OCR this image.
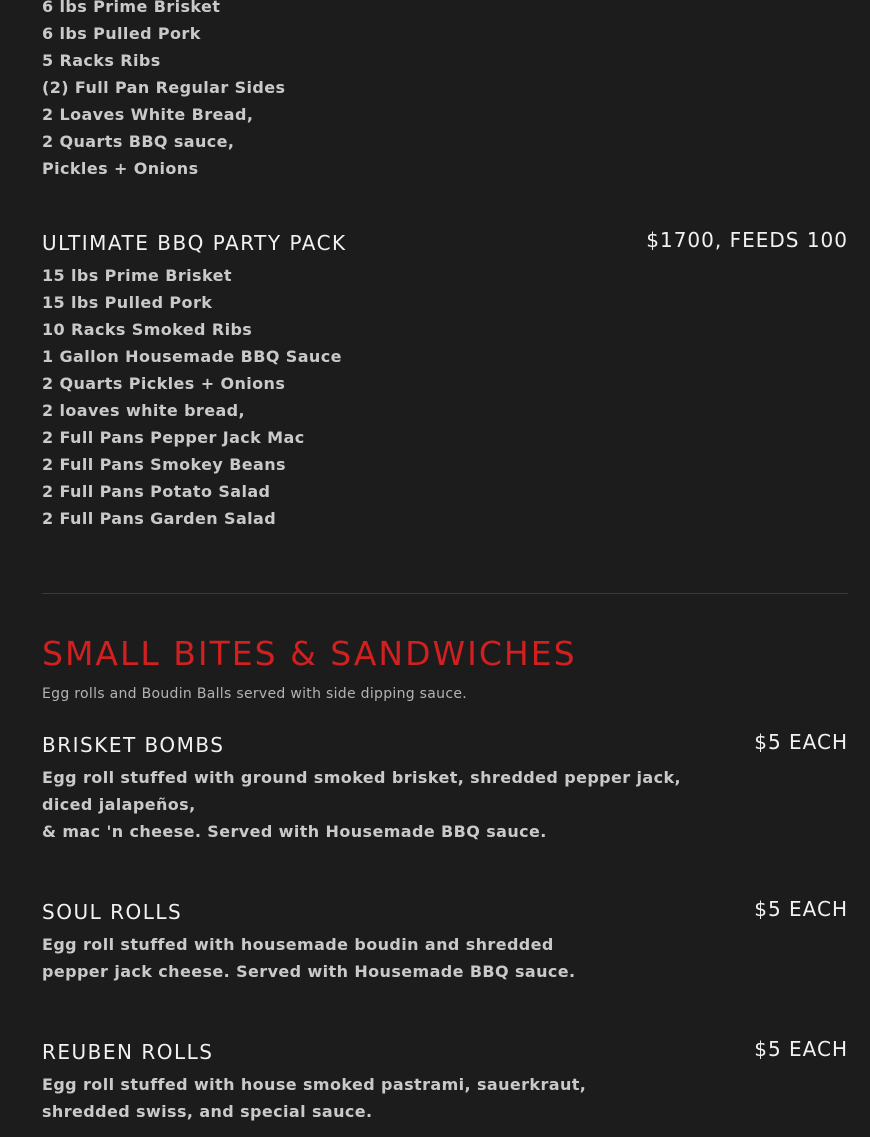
6 lbs Prime Brisket
6 lbs Pulled Pork
5 Racks Ribs
(2) Full Pan Regular Sides
2 Loaves White Bread,
2 Quarts BBQ sauce,
Pickles + Onions
$1700, FEEDS 100
ULTIMATE BBQ PARTY PACK
15 lbs Prime Brisket
15 lbs Pulled Pork
10 Racks Smoked Ribs
1 Gallon Housemade BBQ Sauce
2 Quarts Pickles + Onions
2 loaves white bread,
2 Full Pans Pepper Jack Mac
2 Full Pans Smokey Beans
2 Full Pans Potato Salad
2 Full Pans Garden Salad
SMALL BITES & SANDWICHES
Egg rolls and Boudin Balls served with side dipping sauce.
$5 EACH
BRISKET BOMBS
Egg roll stuffed with ground smoked brisket, shredded pepper jack,
diced jalapeños,
& mac 'n cheese. Served with Housemade BBQ sauce.
$5 EACH
SOUL ROLLS
Egg roll stuffed with housemade boudin and shredded pepper jack cheese. Served with Housemade BBQ sauce.
$5 EACH
REUBEN ROLLS
Egg roll stuffed with house smoked pastrami, sauerkraut, shredded swiss, and special sauce.
